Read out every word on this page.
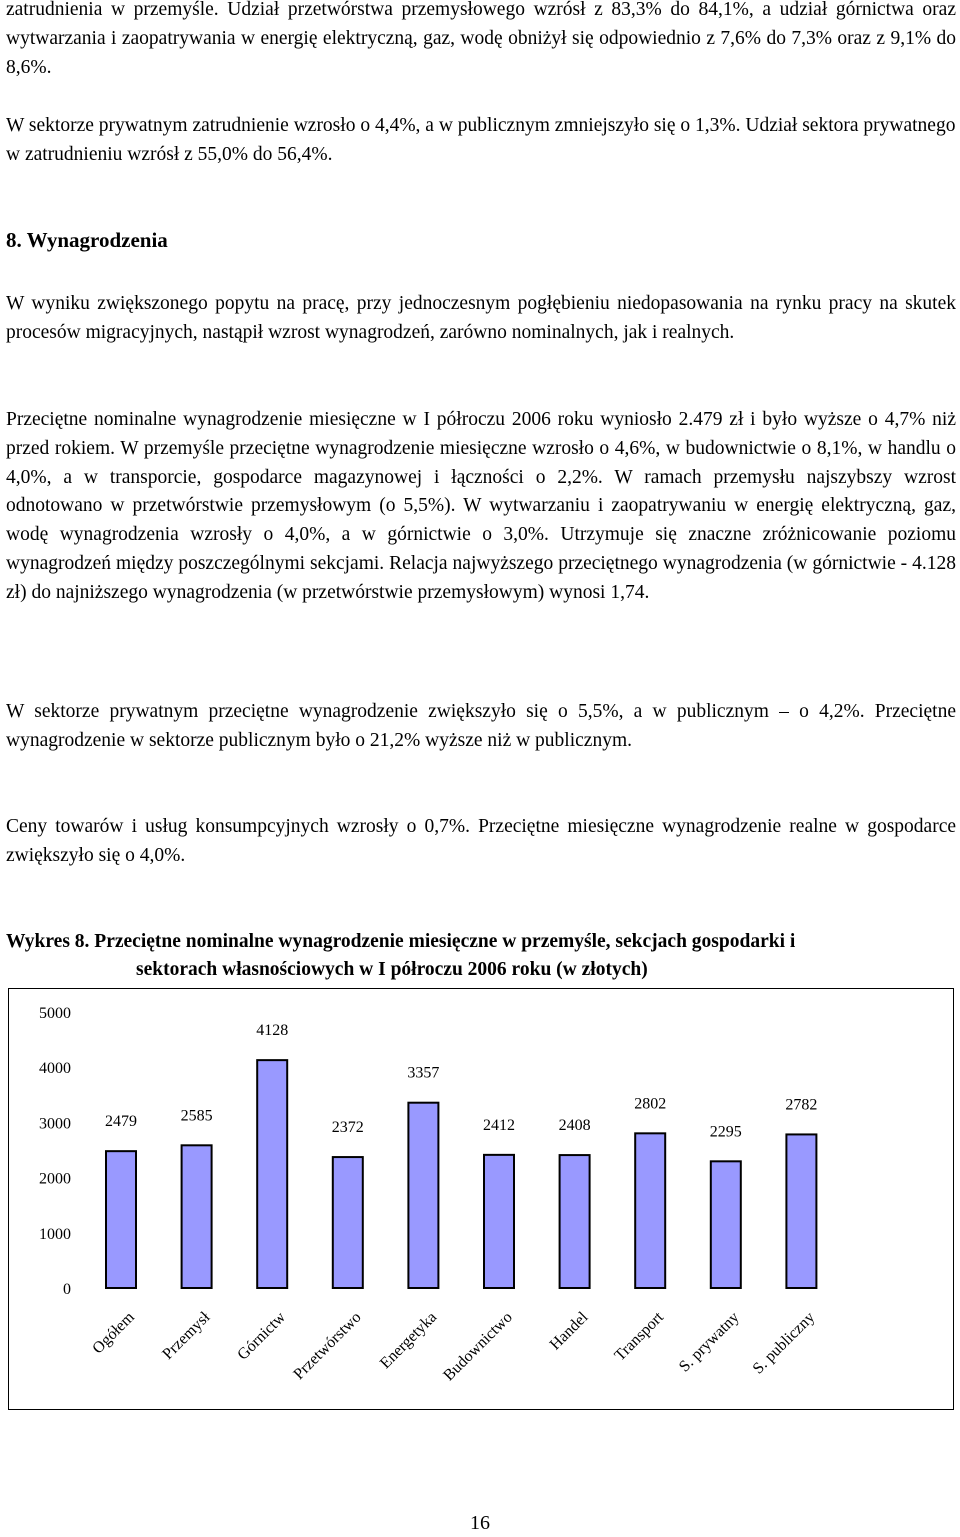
zatrudnienia w przemyśle. Udział przetwórstwa przemysłowego wzrósł z 83,3% do 84,1%, a udział górnictwa oraz wytwarzania i zaopatrywania w energię elektryczną, gaz, wodę obniżył się odpowiednio z 7,6% do 7,3% oraz z 9,1% do 8,6%.

W sektorze prywatnym zatrudnienie wzrosło o 4,4%, a w publicznym zmniejszyło się o 1,3%. Udział sektora prywatnego w zatrudnieniu wzrósł z 55,0% do 56,4%.

8. Wynagrodzenia

W wyniku zwiększonego popytu na pracę, przy jednoczesnym pogłębieniu niedopasowania na rynku pracy na skutek procesów migracyjnych, nastąpił wzrost wynagrodzeń, zarówno nominalnych, jak i realnych.

Przeciętne nominalne wynagrodzenie miesięczne w I półroczu 2006 roku wyniosło 2.479 zł i było wyższe o 4,7% niż przed rokiem. W przemyśle przeciętne wynagrodzenie miesięczne wzrosło o 4,6%, w budownictwie o 8,1%, w handlu o 4,0%, a w transporcie, gospodarce magazynowej i łączności o 2,2%. W ramach przemysłu najszybszy wzrost odnotowano w przetwórstwie przemysłowym (o 5,5%). W wytwarzaniu i zaopatrywaniu w energię elektryczną, gaz, wodę wynagrodzenia wzrosły o 4,0%, a w górnictwie o 3,0%. Utrzymuje się znaczne zróżnicowanie poziomu wynagrodzeń między poszczególnymi sekcjami. Relacja najwyższego przeciętnego wynagrodzenia (w górnictwie - 4.128 zł) do najniższego wynagrodzenia (w przetwórstwie przemysłowym) wynosi 1,74.

W sektorze prywatnym przeciętne wynagrodzenie zwiększyło się o 5,5%, a w publicznym – o 4,2%. Przeciętne wynagrodzenie w sektorze publicznym było o 21,2% wyższe niż w publicznym.

Ceny towarów i usług konsumpcyjnych wzrosły o 0,7%. Przeciętne miesięczne wynagrodzenie realne w gospodarce zwiększyło się o 4,0%.

Wykres 8. Przeciętne nominalne wynagrodzenie miesięczne w przemyśle, sekcjach gospodarki i
sektorach własnościowych w I półroczu 2006 roku (w złotych)
0
1000
2000
3000
4000
5000
2479
Ogółem
2585
Przemysł
4128
Górnictw
2372
Przetwórstwo
3357
Energetyka
2412
Budownictwo
2408
Handel
2802
Transport
2295
S. prywatny
2782
S. publiczny
16
